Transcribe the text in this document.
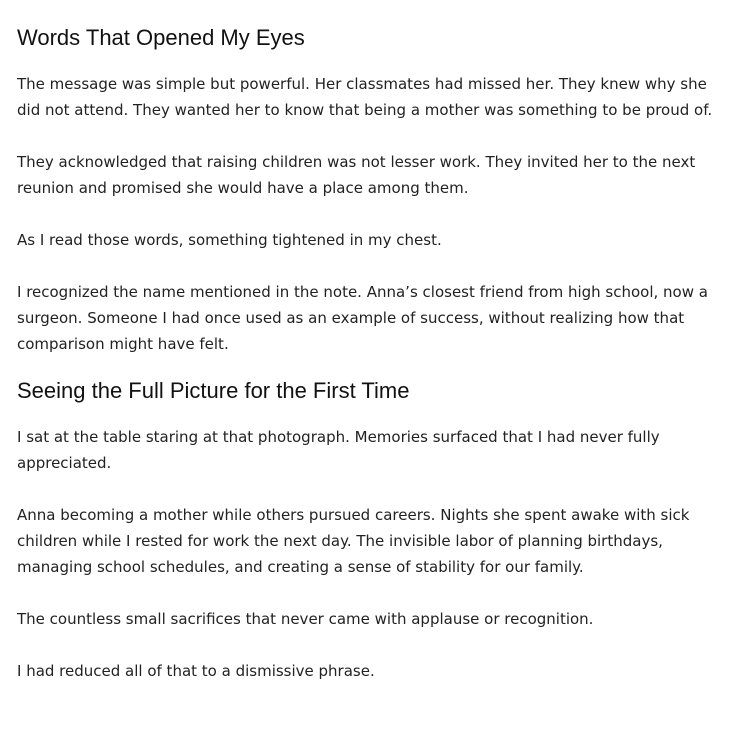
Words That Opened My Eyes

The message was simple but powerful. Her classmates had missed her. They knew why she did not attend. They wanted her to know that being a mother was something to be proud of.

They acknowledged that raising children was not lesser work. They invited her to the next reunion and promised she would have a place among them.

As I read those words, something tightened in my chest.

I recognized the name mentioned in the note. Anna’s closest friend from high school, now a surgeon. Someone I had once used as an example of success, without realizing how that comparison might have felt.

Seeing the Full Picture for the First Time

I sat at the table staring at that photograph. Memories surfaced that I had never fully appreciated.

Anna becoming a mother while others pursued careers. Nights she spent awake with sick children while I rested for work the next day. The invisible labor of planning birthdays, managing school schedules, and creating a sense of stability for our family.

The countless small sacrifices that never came with applause or recognition.

I had reduced all of that to a dismissive phrase.
